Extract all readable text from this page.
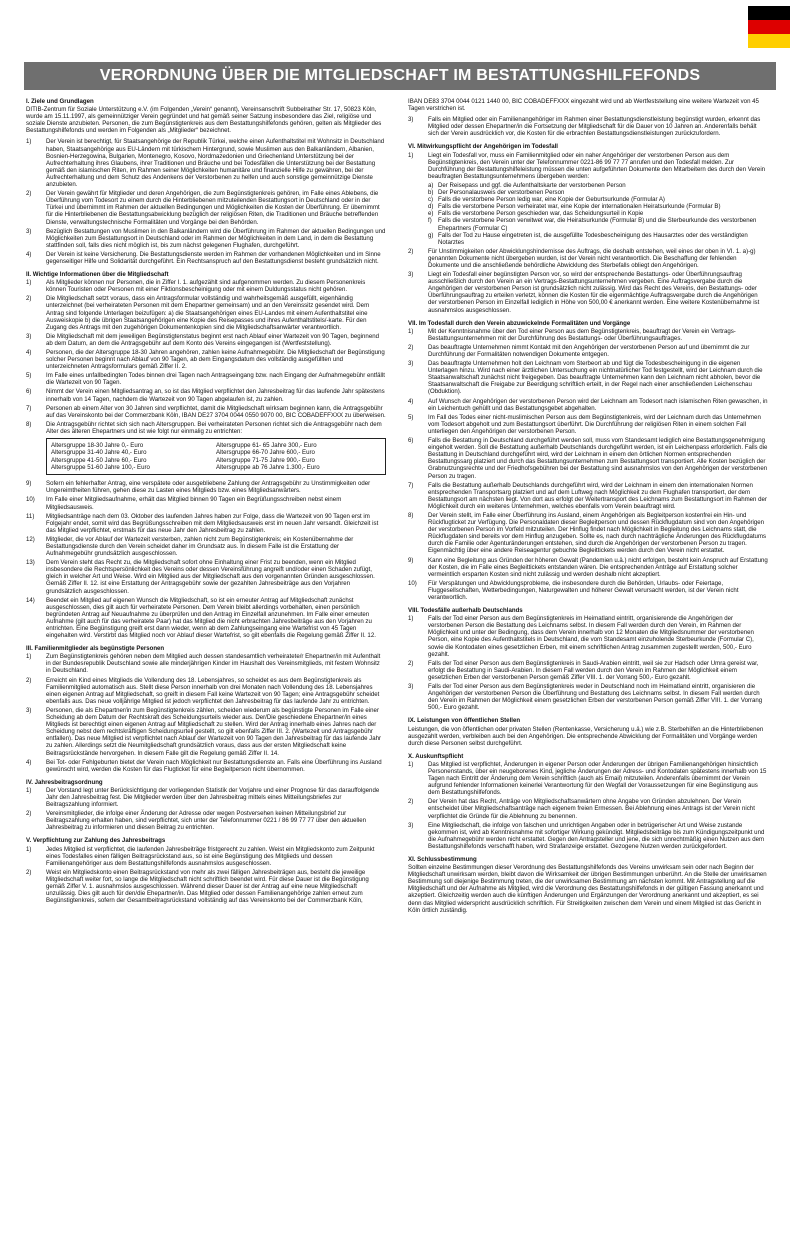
VERORDNUNG ÜBER DIE MITGLIEDSCHAFT IM BESTATTUNGSHILFEFONDS
I. Ziele und Grundlagen
DITIB-Zentrum für Soziale Unterstützung e.V. (im Folgenden „Verein“ genannt), Vereinsanschrift Subbelrather Str. 17, 50823 Köln, wurde am 15.11.1997, als gemeinnütziger Verein gegründet und hat gemäß seiner Satzung insbesondere das Ziel, religiöse und soziale Dienste anzubieten. Personen, die zum Begünstigtenkreis aus dem Bestattungshilfefonds gehören, gelten als Mitglieder des Bestattungshilfefonds und werden im Folgenden als „Mitglieder“ bezeichnet.
1)	Der Verein ist berechtigt, für Staatsangehörige der Republik Türkei, welche einen Aufenthaltstitel mit Wohnsitz in Deutschland haben, Staatsangehörige aus EU-Ländern mit türkischem Hintergrund, sowie Muslimen aus den Balkanländern, Albanien, Bosnien-Herzegowina, Bulgarien, Montenegro, Kosovo, Nordmazedonien und Griechenland Unterstützung bei der Aufrechterhaltung ihres Glaubens, ihrer Traditionen und Bräuche und bei Todesfällen die Unterstützung bei der Bestattung gemäß den islamischen Riten, im Rahmen seiner Möglichkeiten humanitäre und finanzielle Hilfe zu gewähren, bei der Aufrechterhaltung und dem Schutz des Andenkens der Verstorbenen zu helfen und auch sonstige gemeinnützige Dienste anzubieten.
2)	Der Verein gewährt für Mitglieder und deren Angehörigen, die zum Begünstigtenkreis gehören, im Falle eines Ablebens, die Überführung vom Todesort zu einem durch die Hinterbliebenen mitzuteilenden Bestattungsort in Deutschland oder in der Türkei und übernimmt im Rahmen der aktuellen Bedingungen und Möglichkeiten die Kosten der Überführung. Er übernimmt für die Hinterbliebenen die Bestattungsabwicklung bezüglich der religiösen Riten, die Traditionen und Bräuche betreffenden Dienste, verwaltungstechnische Formalitäten und Vorgänge bei den Behörden.
3)	Bezüglich Bestattungen von Muslimen in den Balkanländern wird die Überführung im Rahmen der aktuellen Bedingungen und Möglichkeiten zum Bestattungsort in Deutschland oder im Rahmen der Möglichkeiten in dem Land, in dem die Bestattung stattfinden soll, falls dies nicht möglich ist, bis zum nächst gelegenen Flughafen, durchgeführt.
4)	Der Verein ist keine Versicherung. Die Bestattungsdienste werden im Rahmen der vorhandenen Möglichkeiten und im Sinne gegenseitiger Hilfe und Solidarität durchgeführt. Ein Rechtsanspruch auf den Bestattungsdienst besteht grundsätzlich nicht.
II. Wichtige Informationen über die Mitgliedschaft
1)	Als Mitglieder können nur Personen, die in Ziffer I. 1. aufgezählt sind aufgenommen werden. Zu diesem Personenkreis können Touristen oder Personen mit einer Fiktionsbescheinigung oder mit einem Duldungsstatus nicht gehören.
2)	Die Mitgliedschaft setzt voraus, dass ein Antragsformular vollständig und wahrheitsgemäß ausgefüllt, eigenhändig unterzeichnet (bei verheirateten Personen mit dem Ehepartner gemeinsam) und an den Vereinssitz gesendet wird. Dem Antrag sind folgende Unterlagen beizufügen: a) die Staatsangehörigen eines EU-Landes mit einem Aufenthaltstitel eine Ausweiskopie b) die übrigen Staatsangehörigen eine Kopie des Reisepasses und ihres Aufenthaltstitels/-karte. Für den Zugang des Antrags mit den zugehörigen Dokumentenkopien sind die Mitgliedschaftsanwärter verantwortlich.
3)	Die Mitgliedschaft mit dem jeweiligen Begünstigtenstatus beginnt erst nach Ablauf einer Wartezeit von 90 Tagen, beginnend ab dem Datum, an dem die Antragsgebühr auf dem Konto des Vereins eingegangen ist (Wertfeststellung).
4)	Personen, die der Altersgruppe 18-30 Jahren angehören, zahlen keine Aufnahmegebühr. Die Mitgliedschaft der Begünstigung solcher Personen beginnt nach Ablauf von 90 Tagen, ab dem Eingangsdatum des vollständig ausgefüllten und unterzeichneten Antragsformulars gemäß Ziffer II. 2.
5)	Im Falle eines unfallbedingten Todes binnen drei Tagen nach Antragseingang bzw. nach Eingang der Aufnahmegebühr entfällt die Wartezeit von 90 Tagen.
6)	Nimmt der Verein einen Mitgliedsantrag an, so ist das Mitglied verpflichtet den Jahresbeitrag für das laufende Jahr spätestens innerhalb von 14 Tagen, nachdem die Wartezeit von 90 Tagen abgelaufen ist, zu zahlen.
7)	Personen ab einem Alter von 30 Jahren sind verpflichtet, damit die Mitgliedschaft wirksam beginnen kann, die Antragsgebühr auf das Vereinskonto bei der Commerzbank Köln, IBAN DE27 3704 0044 0550 9070 00, BIC COBADEFFXXX zu überweisen.
8)	Die Antragsgebühr richtet sich sich nach Altersgruppen. Bei verheirateten Personen richtet sich die Antragsgebühr nach dem Alter des älteren Ehepartners und ist wie folgt nur einmalig zu entrichten:
Altersgruppe 18-30 Jahre 0,- Euro
Altersgruppe 31-40 Jahre 40,- Euro
Altersgruppe 41-50 Jahre 60,- Euro
Altersgruppe 51-60 Jahre 100,- Euro
Altersgruppe 61- 65 Jahre 300,- Euro
Altersgruppe 66-70 Jahre 600,- Euro
Altersgruppe 71-75 Jahre 900,- Euro
Altersgruppe ab 76 Jahre 1.300,- Euro
9)	Sofern ein fehlerhafter Antrag, eine verspätete oder ausgebliebene Zahlung der Antragsgebühr zu Unstimmigkeiten oder Ungereimtheiten führen, gehen diese zu Lasten eines Mitglieds bzw. eines Mitgliedsanwärters.
10)	Im Falle einer Mitgliedsaufnahme, erhält das Mitglied binnen 90 Tagen ein Begrüßungsschreiben nebst einem Mitgliedsausweis.
11)	Mitgliedsanträge nach dem 03. Oktober des laufenden Jahres haben zur Folge, dass die Wartezeit von 90 Tagen erst im Folgejahr endet, somit wird das Begrüßungsschreiben mit dem Mitgliedsausweis erst im neuen Jahr versandt. Gleichzeit ist das Mitglied verpflichtet, erstmals für das neue Jahr den Jahresbeitrag zu zahlen.
12)	Mitglieder, die vor Ablauf der Wartezeit versterben, zahlen nicht zum Begünstigtenkreis; ein Kostenübernahme der Bestattungsdienste durch den Verein scheidet daher im Grundsatz aus. In diesem Falle ist die Erstattung der Aufnahmegebühr grundsätzlich ausgeschlossen.
13)	Dem Verein steht das Recht zu, die Mitgliedschaft sofort ohne Einhaltung einer Frist zu beenden, wenn ein Mitglied insbesondere die Rechtspersönlichkeit des Vereins oder dessen Vereinsführung angreift und/oder einen Schaden zufügt, gleich in welcher Art und Weise. Wird ein Mitglied aus der Mitgliedschaft aus den vorgenannten Gründen ausgeschlossen. Gemäß Ziffer II. 12. ist eine Erstattung der Antragsgebühr sowie der gezahlten Jahresbeiträge aus den Vorjahren grundsätzlich ausgeschlossen.
14)	Beendet ein Mitglied auf eigenen Wunsch die Mitgliedschaft, so ist ein erneuter Antrag auf Mitgliedschaft zunächst ausgeschlossen, dies gilt auch für verheiratete Personen. Dem Verein bleibt allerdings vorbehalten, einen persönlich begründeten Antrag auf Neuaufnahme zu überprüfen und den Antrag im Einzelfall anzunehmen. Im Falle einer erneuten Aufnahme (gilt auch für das verheiratete Paar) hat das Mitglied die nicht erbrachten Jahresbeiträge aus den Vorjahren zu entrichten. Eine Begünstigung greift erst dann wieder, wenn ab dem Zahlungseingang eine Wartefrist von 45 Tagen eingehalten wird. Verstirbt das Mitglied noch vor Ablauf dieser Wartefrist, so gilt ebenfalls die Regelung gemäß Ziffer II. 12.
III. Familienmitglieder als begünstigte Personen
1)	Zum Begünstigtenkreis gehören neben dem Mitglied auch dessen standesamtlich verheiratete/r Ehepartner/in mit Aufenthalt in der Bundesrepublik Deutschland sowie alle minderjährigen Kinder im Haushalt des Vereinsmitglieds, mit festem Wohnsitz in Deutschland.
2)	Erreicht ein Kind eines Mitglieds die Vollendung des 18. Lebensjahres, so scheidet es aus dem Begünstigtenkreis als Familienmitglied automatisch aus. Stellt diese Person innerhalb von drei Monaten nach Vollendung des 18. Lebensjahres einen eigenen Antrag auf Mitgliedschaft, so greift in diesem Fall keine Wartezeit von 90 Tagen; eine Antragsgebühr scheidet ebenfalls aus. Das neue volljährige Mitglied ist jedoch verpflichtet den Jahresbeitrag für das laufende Jahr zu entrichten.
3)	Personen, die als Ehepartner/in zum Begünstigtenkreis zählen, scheiden wiederum als begünstigte Personen im Falle einer Scheidung ab dem Datum der Rechtskraft des Scheidungsurteils wieder aus. Der/Die geschiedene Ehepartner/in eines Mitglieds ist berechtigt einen eigenen Antrag auf Mitgliedschaft zu stellen. Wird der Antrag innerhalb eines Jahres nach der Scheidung nebst dem rechtskräftigen Scheidungsurteil gestellt, so gilt ebenfalls Ziffer III. 2. (Wartezeit und Antragsgebühr entfallen). Das neue Mitglied ist verpflichtet nach Ablauf der Wartezeit von 90 Tagen den Jahresbeitrag für das laufende Jahr zu zahlen. Allerdings setzt die Neumitgliedschaft grundsätzlich voraus, dass aus der ersten Mitgliedschaft keine Beitragsrückstände hervorgehen. In diesem Falle gilt die Regelung gemäß Ziffer II. 14.
4)	Bei Tot- oder Fehlgeburten bietet der Verein nach Möglichkeit nur Bestattungsdienste an. Falls eine Überführung ins Ausland gewünscht wird, werden die Kosten für das Flugticket für eine Begleitperson nicht übernommen.
IV. Jahresbeitragsordnung
1)	Der Vorstand legt unter Berücksichtigung der vorliegenden Statistik der Vorjahre und einer Prognose für das darauffolgende Jahr den Jahresbeitrag fest. Die Mitglieder werden über den Jahresbeitrag mittels eines Mitteilungsbriefes zur Beitragszahlung informiert.
2)	Vereinsmitglieder, die infolge einer Änderung der Adresse oder wegen Postversehen keinen Mitteilungsbrief zur Beitragszahlung erhalten haben, sind verpflichtet, sich unter der Telefonnummer 0221 / 86 99 77 77 über den aktuellen Jahresbeitrag zu informieren und diesen Beitrag zu entrichten.
V. Verpflichtung zur Zahlung des Jahresbeitrags
1)	Jedes Mitglied ist verpflichtet, die laufenden Jahresbeiträge fristgerecht zu zahlen. Weist ein Mitgliedskonto zum Zeitpunkt eines Todesfalles einen fälligen Beitragsrückstand aus, so ist eine Begünstigung des Mitglieds und dessen Familienangehöriger aus dem Bestattungshilfefonds ausnahmslos ausgeschlossen.
2)	Weist ein Mitgliedskonto einen Beitragsrückstand von mehr als zwei fälligen Jahresbeiträgen aus, besteht die jeweilige Mitgliedschaft weiter fort, so lange die Mitgliedschaft nicht schriftlich beendet wird. Für diese Dauer ist die Begünstigung gemäß Ziffer V. 1. ausnahmslos ausgeschlossen. Während dieser Dauer ist der Antrag auf eine neue Mitgliedschaft unzulässig. Dies gilt auch für den/die Ehepartner/in. Das Mitglied oder dessen Familienangehörige zahlen erneut zum Begünstigtenkreis, sofern der Gesamtbeitragsrückstand vollständig auf das Vereinskonto bei der Commerzbank Köln,
IBAN DE83 3704 0044 0121 1440 00, BIC COBADEFFXXX eingezahlt wird und ab Wertfeststellung eine weitere Wartezeit von 45 Tagen verstrichen ist.
3)	Falls ein Mitglied oder ein Familienangehöriger im Rahmen einer Bestattungsdienstleistung begünstigt wurden, erkennt das Mitglied oder dessen Ehepartner/in die Fortsetzung der Mitgliedschaft für die Dauer von 10 Jahren an. Anderenfalls behält sich der Verein ausdrücklich vor, die Kosten für die erbrachten Bestattungsdienstleistungen zurückzufordern.
VI. Mitwirkungspflicht der Angehörigen im Todesfall
1)	Liegt ein Todesfall vor, muss ein Familienmitglied oder ein naher Angehöriger der verstorbenen Person aus dem Begünstigtenkreis, den Verein unter der Telefonnummer 0221-86 99 77 77 anrufen und den Todesfall melden. Zur Durchführung der Bestattungshilfeleistung müssen die unten aufgeführten Dokumente den Mitarbeitern des durch den Verein beauftragten Bestattungsunternehmens übergeben werden:
a) Der Reisepass und ggf. die Aufenthaltskarte der verstorbenen Person
b) Der Personalausweis der verstorbenen Person
c) Falls die verstorbene Person ledig war, eine Kopie der Geburtsurkunde (Formular A)
d) Falls die verstorbene Person verheiratet war, eine Kopie der internationalen Heiratsurkunde (Formular B)
e) Falls die verstorbene Person geschieden war, das Scheidungsurteil in Kopie
f)	Falls die verstorbene Person verwitwet war, die Heiratsurkunde (Formular B) und die Sterbeurkunde des verstorbenen Ehepartners (Formular C)
g) Falls der Tod zu Hause eingetreten ist, die ausgefüllte Todesbescheinigung des Hausarztes oder des verständigten Notarztes
2)	Für Unstimmigkeiten oder Abwicklungshindernisse des Auftrags, die deshalb entstehen, weil eines der oben in VI. 1. a)-g) genannten Dokumente nicht übergeben wurden, ist der Verein nicht verantwortlich. Die Beschaffung der fehlenden Dokumente und die anschließende behördliche Abwicklung des Sterbefalls obliegt den Angehörigen.
3)	Liegt ein Todesfall einer begünstigten Person vor, so wird der entsprechende Bestattungs- oder Überführungsauftrag ausschließlich durch den Verein an ein Vertrags-Bestattungsunternehmen vergeben. Eine Auftragsvergabe durch die Angehörigen der verstorbenen Person ist grundsätzlich nicht zulässig. Wird das Recht des Vereins, den Bestattungs- oder Überführungsauftrag zu erteilen verletzt, können die Kosten für die eigenmächtige Auftragsvergabe durch die Angehörigen der verstorbenen Person im Einzelfall lediglich in Höhe von 500,00 € anerkannt werden. Eine weitere Kostenübernahme ist ausnahmslos ausgeschlossen.
VII. Im Todesfall durch den Verein abzuwickelnde Formalitäten und Vorgänge
1)	Mit der Kenntnisnahme über den Tod einer Person aus dem Begünstigtenkreis, beauftragt der Verein ein Vertrags-Bestattungsunternehmen mit der Durchführung des Bestattungs- oder Überführungsauftrages.
2)	Das beauftragte Unternehmen nimmt Kontakt mit den Angehörigen der verstorbenen Person auf und übernimmt die zur Durchführung der Formalitäten notwendigen Dokumente entgegen.
3)	Das beauftragte Unternehmen holt den Leichnam vom Sterbeort ab und fügt die Todesbescheinigung in die eigenen Unterlagen hinzu. Wird nach einer ärztlichen Untersuchung ein nichtnatürlicher Tod festgestellt, wird der Leichnam durch die Staatsanwaltschaft zunächst nicht freigegeben. Das beauftragte Unternehmen kann den Leichnam nicht abholen, bevor die Staatsanwaltschaft die Freigabe zur Beerdigung schriftlich erteilt, in der Regel nach einer anschließenden Leichenschau (Obduktion).
4)	Auf Wunsch der Angehörigen der verstorbenen Person wird der Leichnam am Todesort nach islamischen Riten gewaschen, in ein Leichentuch gehüllt und das Bestattungsgebet abgehalten.
5)	Im Fall des Todes einer nicht-muslimischen Person aus dem Begünstigtenkreis, wird der Leichnam durch das Unternehmen vom Todesort abgeholt und zum Bestattungsort überführt. Die Durchführung der religiösen Riten in einem solchen Fall unterliegen den Angehörigen der verstorbenen Person.
6)	Falls die Bestattung in Deutschland durchgeführt werden soll, muss vom Standesamt lediglich eine Bestattungsgenehmigung eingeholt werden. Soll die Bestattung außerhalb Deutschlands durchgeführt werden, ist ein Leichenpass erforderlich. Falls die Bestattung in Deutschland durchgeführt wird, wird der Leichnam in einem den örtlichen Normen entsprechenden Bestattungssarg platziert und durch das Bestattungsunternehmen zum Bestattungsort transportiert. Alle Kosten bezüglich der Grabnutzungsrechte und der Friedhofsgebühren bei der Bestattung sind ausnahmslos von den Angehörigen der verstorbenen Person zu tragen.
7)	Falls die Bestattung außerhalb Deutschlands durchgeführt wird, wird der Leichnam in einem den internationalen Normen entsprechenden Transportsarg platziert und auf dem Luftweg nach Möglichkeit zu dem Flughafen transportiert, der dem Bestattungsort am nächsten liegt. Von dort aus erfolgt der Weitertransport des Leichnams zum Bestattungsort im Rahmen der Möglichkeit durch ein weiteres Unternehmen, welches ebenfalls vom Verein beauftragt wird.
8)	Der Verein stellt, im Falle einer Überführung ins Ausland, einem Angehörigen als Begleitperson kostenfrei ein Hin- und Rückflugticket zur Verfügung. Die Personaldaten dieser Begleitperson und dessen Rückflugdatum sind von den Angehörigen der verstorbenen Person im Vorfeld mitzuteilen. Der Hinflug findet nach Möglichkeit in Begleitung des Leichnams statt, die Rückflugdaten sind bereits vor dem Hinflug anzugeben. Sollte es, nach durch nachträgliche Änderungen des Rückflugdatums durch die Familie oder Agenturänderungen entstehen, sind durch die Angehörigen der verstorbenen Person zu tragen. Eigenmächtig über eine andere Reiseagentur gebuchte Begleittickets werden durch den Verein nicht erstattet.
9)	Kann eine Begleitung aus Gründen der höheren Gewalt (Pandemien u.ä.) nicht erfolgen, besteht kein Anspruch auf Erstattung der Kosten, die im Falle eines Begleittickets entstanden wären. Die entsprechenden Anträge auf Erstattung solcher vermeintlich ersparten Kosten sind nicht zulässig und werden deshalb nicht akzeptiert.
10)	Für Verspätungen und Abwicklungsprobleme, die insbesondere durch die Behörden, Urlaubs- oder Feiertage, Fluggesellschaften, Wetterbedingungen, Naturgewalten und höherer Gewalt verursacht werden, ist der Verein nicht verantwortlich.
VIII. Todesfälle außerhalb Deutschlands
1)	Falls der Tod einer Person aus dem Begünstigtenkreis im Heimatland eintritt, organisierende die Angehörigen der verstorbenen Person die Bestattung des Leichnams selbst. In diesem Fall werden durch den Verein, im Rahmen der Möglichkeit und unter der Bedingung, dass dem Verein innerhalb von 12 Monaten die Mitgliedsnummer der verstorbenen Person, eine Kopie des Aufenthaltstitels in Deutschland, die vom Standesamt einzuholende Sterbeurkunde (Formular C), sowie die Kontodaten eines gesetzlichen Erben, mit einem schriftlichen Antrag zusammen zugestellt werden, 500,- Euro gezahlt.
2)	Falls der Tod einer Person aus dem Begünstigtenkreis in Saudi-Arabien eintritt, weil sie zur Hadsch oder Umra gereist war, erfolgt die Bestattung in Saudi-Arabien. In diesem Fall werden durch den Verein im Rahmen der Möglichkeit einem gesetzlichen Erben der verstorbenen Person gemäß Ziffer VIII. 1. der Vorrang 500,- Euro gezahlt.
3)	Falls der Tod einer Person aus dem Begünstigtenkreis weder in Deutschland noch im Heimatland eintritt, organisieren die Angehörigen der verstorbenen Person die Überführung und Bestattung des Leichnams selbst. In diesem Fall werden durch den Verein im Rahmen der Möglichkeit einem gesetzlichen Erben der verstorbenen Person gemäß Ziffer VIII. 1. der Vorrang 500,- Euro gezahlt.
IX. Leistungen von öffentlichen Stellen
Leistungen, die von öffentlichen oder privaten Stellen (Rentenkasse, Versicherung u.ä.) wie z.B. Sterbehilfen an die Hinterbliebenen ausgezahlt werden, verbleiben auch bei den Angehörigen. Die entsprechende Abwicklung der Formalitäten und Vorgänge werden durch diese Personen selbst durchgeführt.
X. Auskunftspflicht
1)	Das Mitglied ist verpflichtet, Änderungen in eigener Person oder Änderungen der übrigen Familienangehörigen hinsichtlich Personenstands, über ein neugeborenes Kind, jegliche Änderungen der Adress- und Kontodaten spätestens innerhalb von 15 Tagen nach Eintritt der Änderung dem Verein schriftlich (auch als Email) mitzuteilen. Anderenfalls übernimmt der Verein aufgrund fehlender Informationen keinerlei Verantwortung für den Wegfall der Voraussetzungen für eine Begünstigung aus dem Bestattungshilfefonds.
2)	Der Verein hat das Recht, Anträge von Mitgliedschaftsanwärtern ohne Angabe von Gründen abzulehnen. Der Verein entscheidet über Mitgliedschaftsanträge nach eigenem freien Ermessen. Bei Ablehnung eines Antrags ist der Verein nicht verpflichtet die Gründe für die Ablehnung zu benennen.
3)	Eine Mitgliedschaft, die infolge von falschen und unrichtigen Angaben oder in betrügerischer Art und Weise zustande gekommen ist, wird ab Kenntnisnahme mit sofortiger Wirkung gekündigt. Mitgliedsbeiträge bis zum Kündigungszeitpunkt und die Aufnahmegebühr werden nicht erstattet. Gegen den Antragsteller und jene, die sich unrechtmäßig einen Nutzen aus dem Bestattungshilfefonds verschafft haben, wird Strafanzeige erstattet. Gezogene Nutzen werden zurückgefordert.
XI. Schlussbestimmung
Sollten einzelne Bestimmungen dieser Verordnung des Bestattungshilfefonds des Vereins unwirksam sein oder nach Beginn der Mitgliedschaft unwirksam werden, bleibt davon die Wirksamkeit der übrigen Bestimmungen unberührt. An die Stelle der unwirksamen Bestimmung soll diejenige Bestimmung treten, die der unwirksamen Bestimmung am nächsten kommt. Mit Antragstellung auf die Mitgliedschaft und der Aufnahme als Mitglied, wird die Verordnung des Bestattungshilfefonds in der gültigen Fassung anerkannt und akzeptiert. Gleichzeitig werden auch die künftigen Änderungen und Ergänzungen der Verordnung anerkannt und akzeptiert, es sei denn das Mitglied widerspricht ausdrücklich schriftlich. Für Streitigkeiten zwischen dem Verein und einem Mitglied ist das Gericht in Köln örtlich zuständig.
